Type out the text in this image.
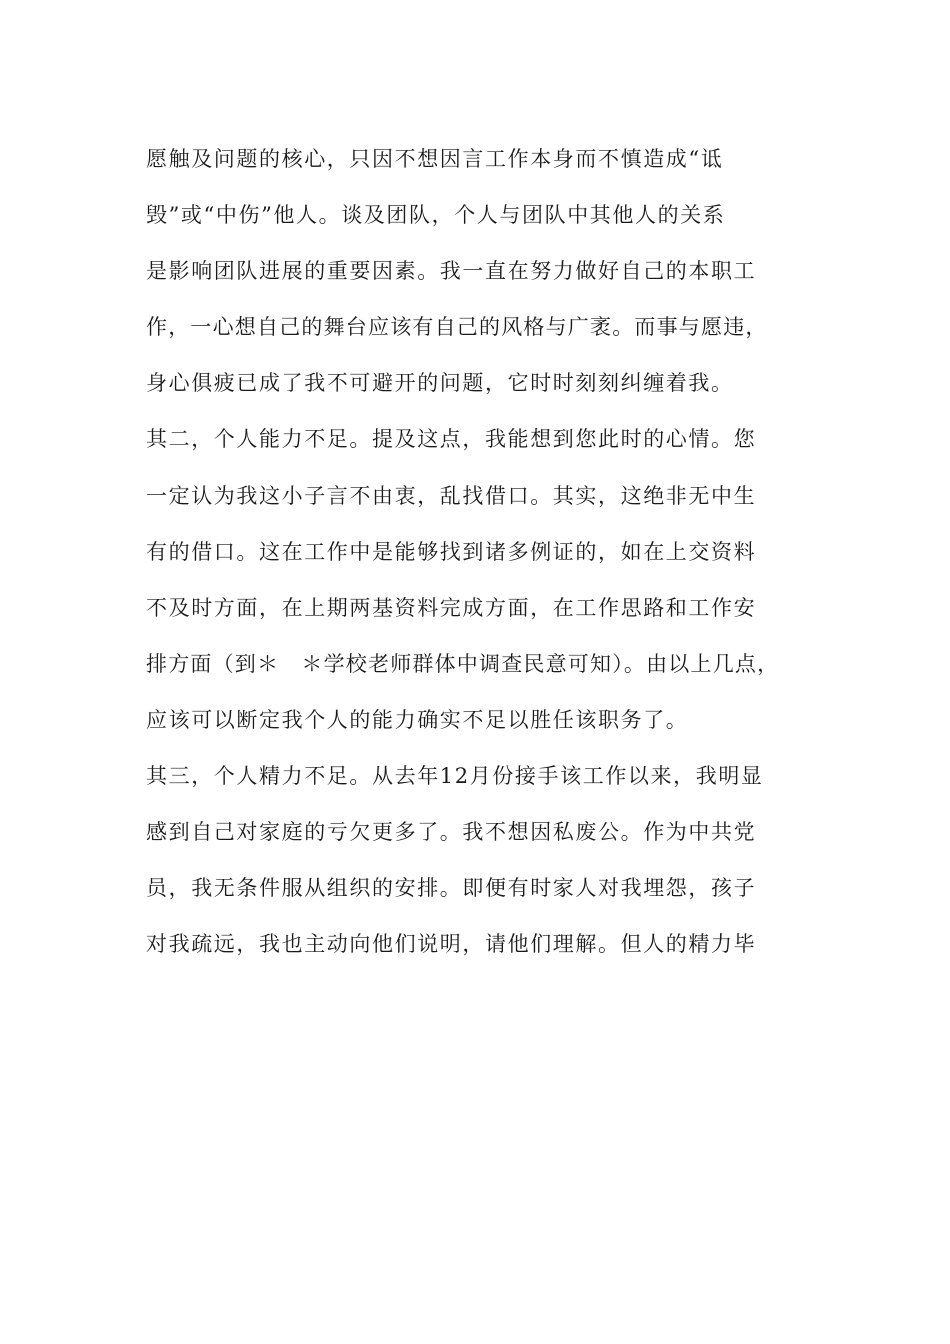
愿触及问题的核心，只因不想因言工作本身而不慎造成“诋
毁”或“中伤”他人。谈及团队，个人与团队中其他人的关系
是影响团队进展的重要因素。我一直在努力做好自己的本职工
作，一心想自己的舞台应该有自己的风格与广袤。而事与愿违，
身心俱疲已成了我不可避开的问题，它时时刻刻纠缠着我。
其二，个人能力不足。提及这点，我能想到您此时的心情。您
一定认为我这小子言不由衷，乱找借口。其实，这绝非无中生
有的借口。这在工作中是能够找到诸多例证的，如在上交资料
不及时方面，在上期两基资料完成方面，在工作思路和工作安
排方面（到＊　＊学校老师群体中调查民意可知）。由以上几点，
应该可以断定我个人的能力确实不足以胜任该职务了。
其三，个人精力不足。从去年12月份接手该工作以来，我明显
感到自己对家庭的亏欠更多了。我不想因私废公。作为中共党
员，我无条件服从组织的安排。即便有时家人对我埋怨，孩子
对我疏远，我也主动向他们说明，请他们理解。但人的精力毕
